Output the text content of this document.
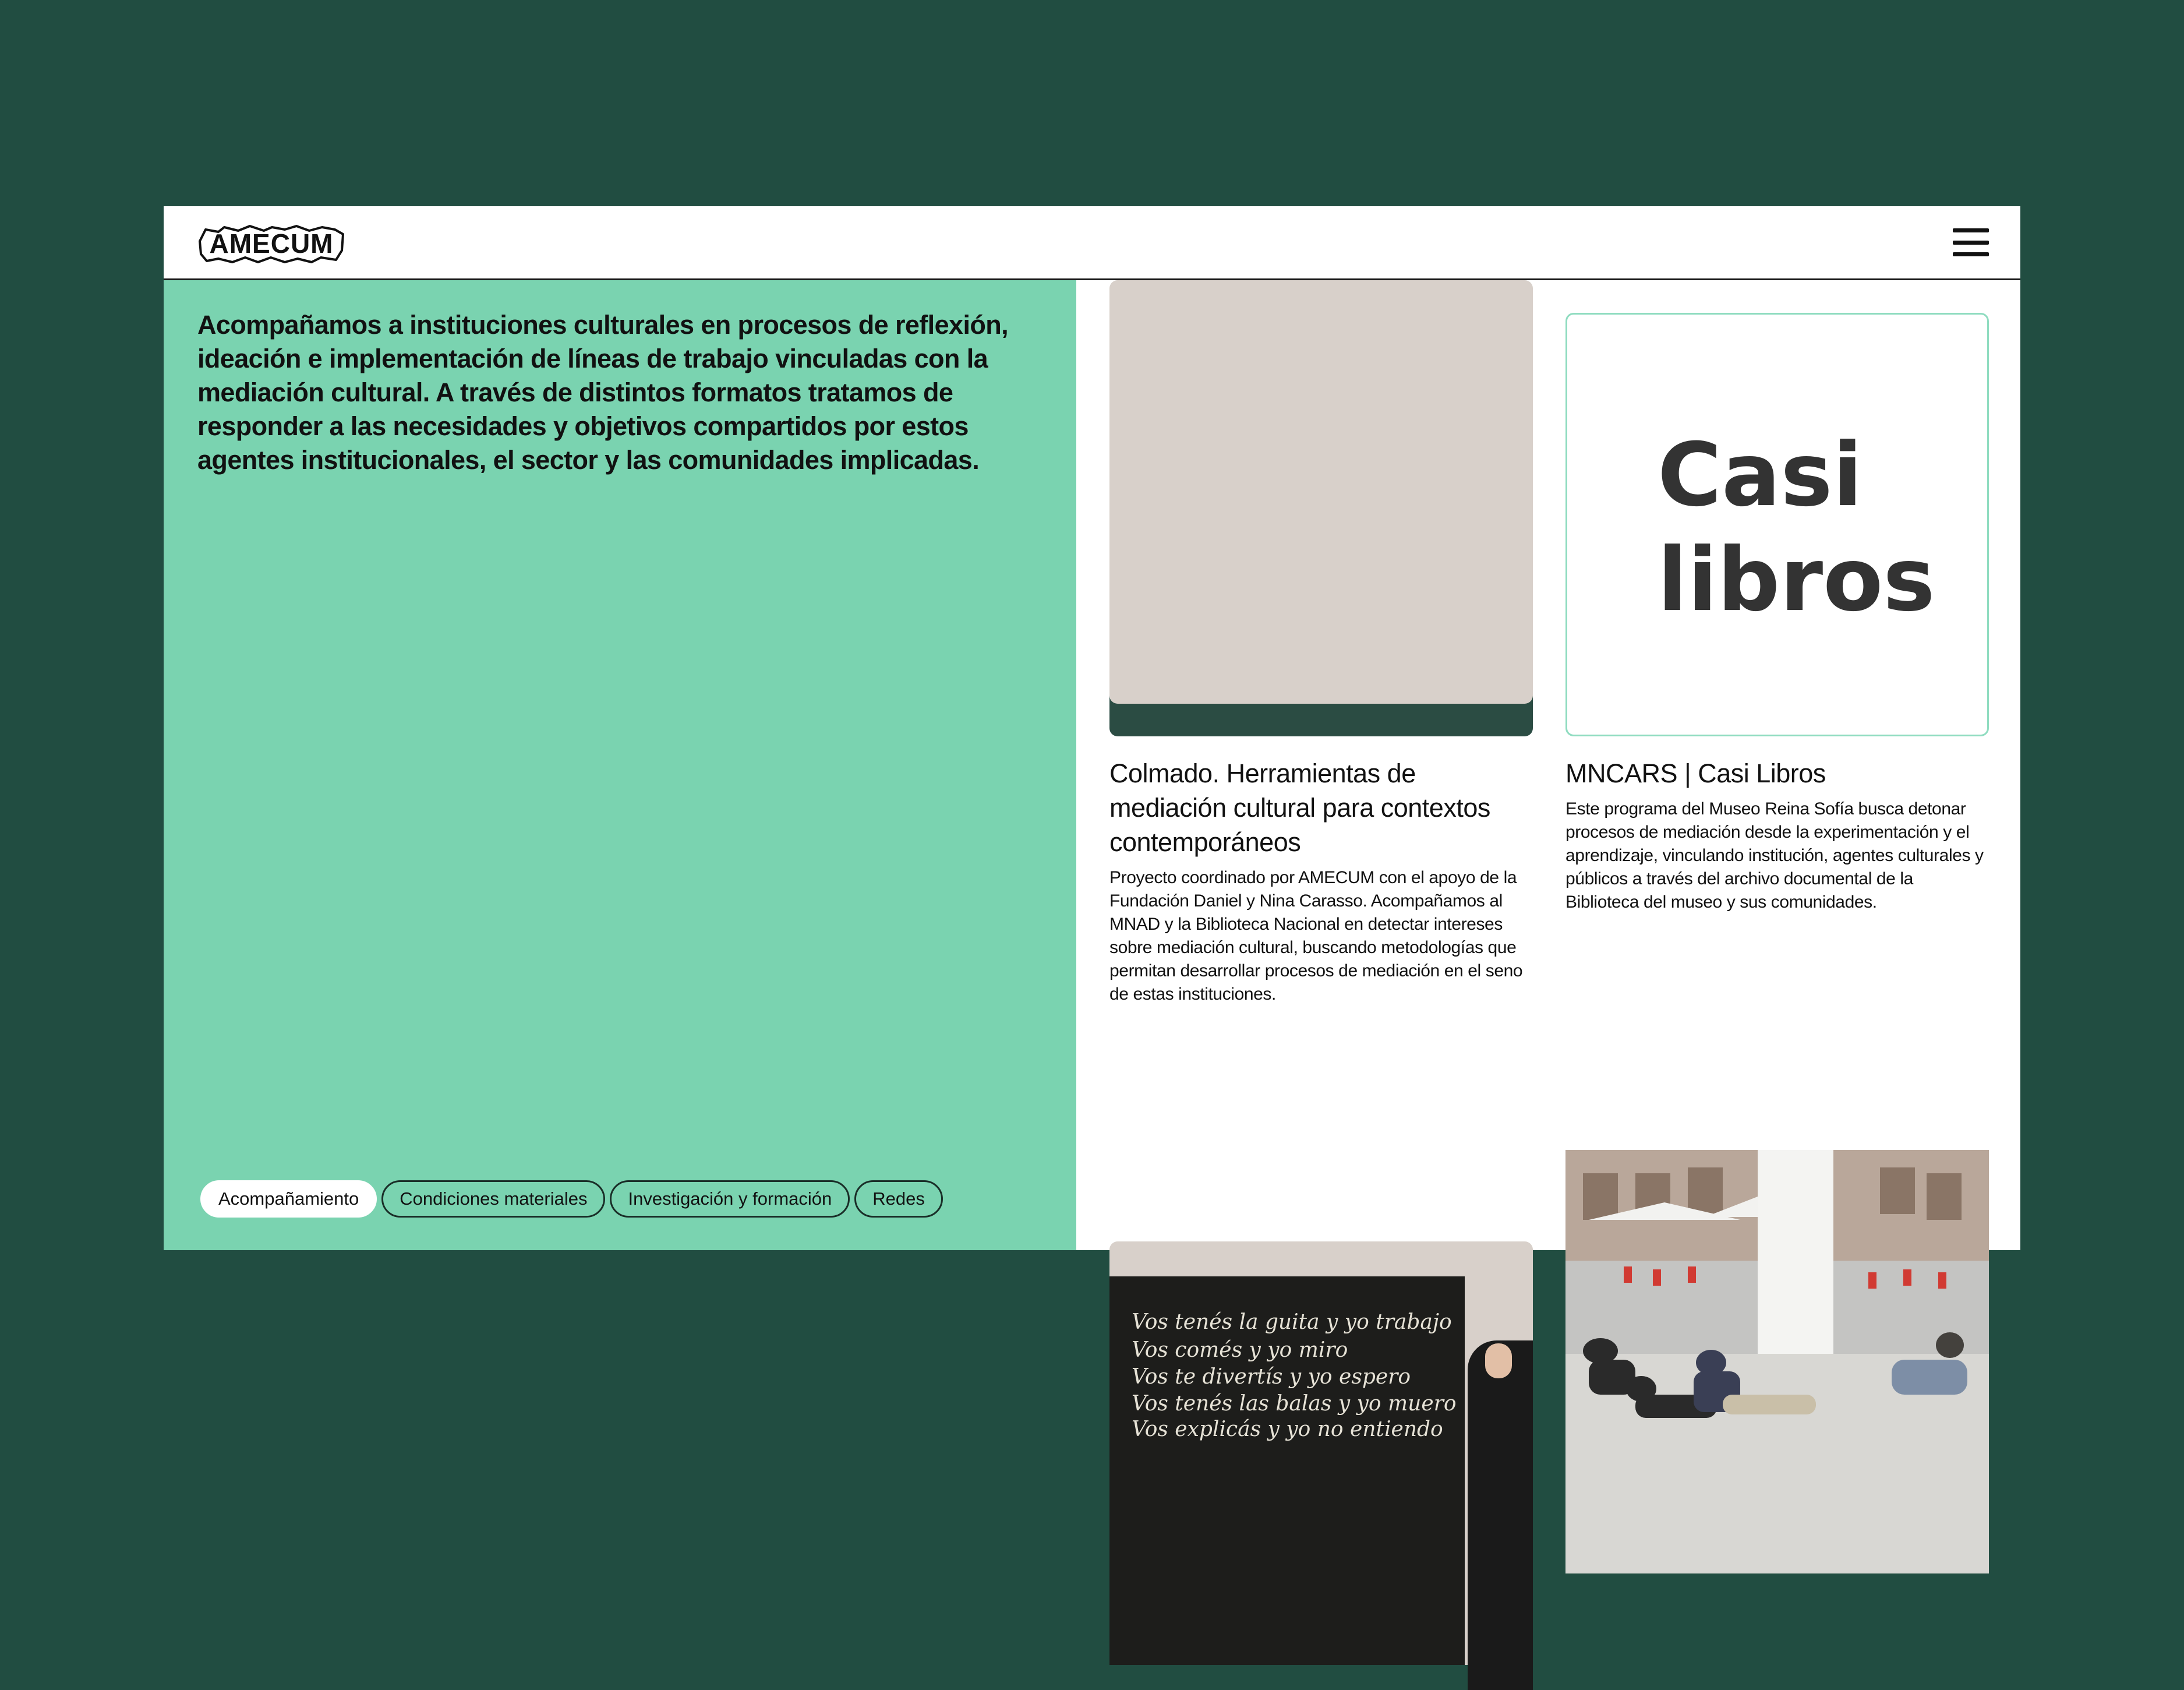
AMECUM

Acompañamos a instituciones culturales en procesos de reflexión, ideación e implementación de líneas de trabajo vinculadas con la mediación cultural. A través de distintos formatos tratamos de responder a las necesidades y objetivos compartidos por estos agentes institucionales, el sector y las comunidades implicadas.

Acompañamiento	Condiciones materiales	Investigación y formación	Redes
Colmado. Herramientas de mediación cultural para contextos contemporáneos

Proyecto coordinado por AMECUM con el apoyo de la Fundación Daniel y Nina Carasso. Acompañamos al MNAD y la Biblioteca Nacional en detectar intereses sobre mediación cultural, buscando metodologías que permitan desarrollar procesos de mediación en el seno de estas instituciones.

Casi
libros
MNCARS | Casi Libros

Este programa del Museo Reina Sofía busca detonar procesos de mediación desde la experimentación y el aprendizaje, vinculando institución, agentes culturales y públicos a través del archivo documental de la Biblioteca del museo y sus comunidades.

Vos tenés la guita y yo trabajo
Vos comés y yo miro
Vos te divertís y yo espero
Vos tenés las balas y yo muero
Vos explicás y yo no entiendo
